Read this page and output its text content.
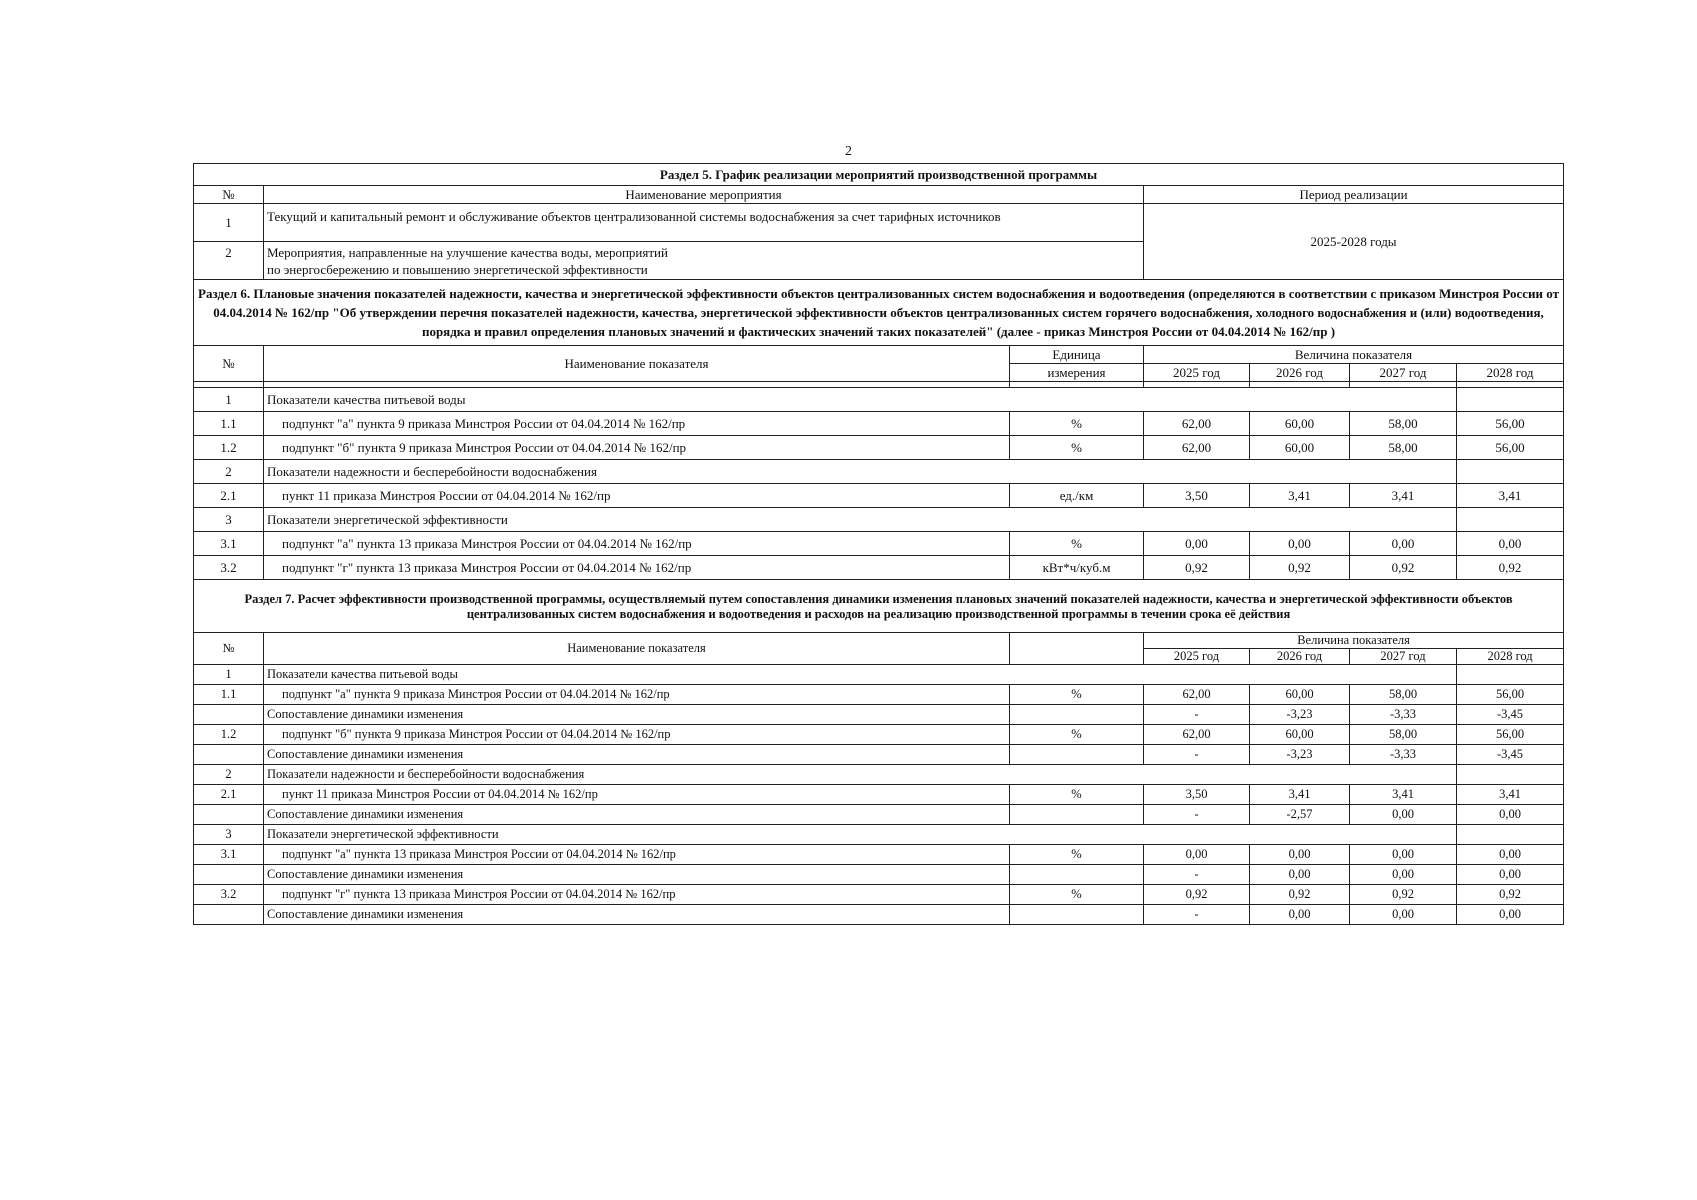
2
Раздел 5. График реализации мероприятий производственной программы		
№	Наименование мероприятия	Период реализации
1	Текущий и капитальный ремонт и обслуживание объектов централизованной системы водоснабжения за счет тарифных источников	2025-2028 годы
2	Мероприятия, направленные на улучшение качества воды, мероприятий
по энергосбережению и повышению энергетической эффективности	
Раздел 6. Плановые значения показателей надежности, качества и энергетической эффективности объектов централизованных систем водоснабжения и водоотведения (определяются в соответствии с приказом Минстроя России от 04.04.2014 № 162/пр "Об утверждении перечня показателей надежности, качества, энергетической эффективности объектов централизованных систем горячего водоснабжения, холодного водоснабжения и (или) водоотведения, порядка и правил определения плановых значений и фактических значений таких показателей" (далее - приказ Минстроя России от 04.04.2014 № 162/пр )						
№	Наименование показателя	Единица	Величина показателя			
		измерения	2025 год	2026 год	2027 год	2028 год

1	Показатели качества питьевой воды					
1.1	подпункт "а" пункта 9 приказа Минстроя России от 04.04.2014 № 162/пр	%	62,00	60,00	58,00	56,00
1.2	подпункт "б" пункта 9 приказа Минстроя России от 04.04.2014 № 162/пр	%	62,00	60,00	58,00	56,00
2	Показатели надежности и бесперебойности водоснабжения					
2.1	пункт 11 приказа Минстроя России от 04.04.2014 № 162/пр	ед./км	3,50	3,41	3,41	3,41
3	Показатели энергетической эффективности					
3.1	подпункт "а" пункта 13 приказа Минстроя России от 04.04.2014 № 162/пр	%	0,00	0,00	0,00	0,00
3.2	подпункт "г" пункта 13 приказа Минстроя России от 04.04.2014 № 162/пр	кВт*ч/куб.м	0,92	0,92	0,92	0,92
Раздел 7. Расчет эффективности производственной программы, осуществляемый путем сопоставления динамики изменения плановых значений показателей надежности, качества и энергетической эффективности объектов централизованных систем водоснабжения и водоотведения и расходов на реализацию производственной программы в течении срока её действия						
№	Наименование показателя		Величина показателя			
			2025 год	2026 год	2027 год	2028 год
1	Показатели качества питьевой воды					
1.1	подпункт "а" пункта 9 приказа Минстроя России от 04.04.2014 № 162/пр	%	62,00	60,00	58,00	56,00
	Сопоставление динамики изменения		-	-3,23	-3,33	-3,45
1.2	подпункт "б" пункта 9 приказа Минстроя России от 04.04.2014 № 162/пр	%	62,00	60,00	58,00	56,00
	Сопоставление динамики изменения		-	-3,23	-3,33	-3,45
2	Показатели надежности и бесперебойности водоснабжения					
2.1	пункт 11 приказа Минстроя России от 04.04.2014 № 162/пр	%	3,50	3,41	3,41	3,41
	Сопоставление динамики изменения		-	-2,57	0,00	0,00
3	Показатели энергетической эффективности					
3.1	подпункт "а" пункта 13 приказа Минстроя России от 04.04.2014 № 162/пр	%	0,00	0,00	0,00	0,00
	Сопоставление динамики изменения		-	0,00	0,00	0,00
3.2	подпункт "г" пункта 13 приказа Минстроя России от 04.04.2014 № 162/пр	%	0,92	0,92	0,92	0,92
	Сопоставление динамики изменения		-	0,00	0,00	0,00
